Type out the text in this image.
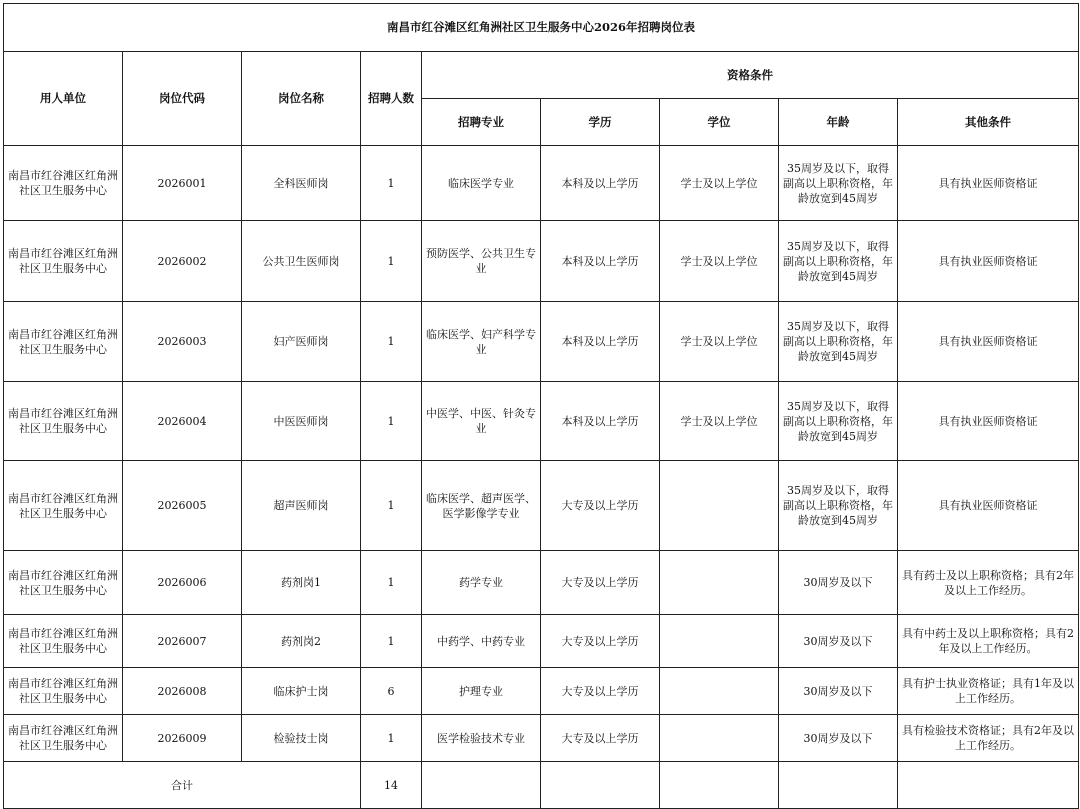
南昌市红谷滩区红角洲社区卫生服务中心2026年招聘岗位表								
用人单位	岗位代码	岗位名称	招聘人数	资格条件				
				招聘专业	学历	学位	年龄	其他条件
南昌市红谷滩区红角洲社区卫生服务中心	2026001	全科医师岗	1	临床医学专业	本科及以上学历	学士及以上学位	35周岁及以下，取得副高以上职称资格，年龄放宽到45周岁	具有执业医师资格证
南昌市红谷滩区红角洲社区卫生服务中心	2026002	公共卫生医师岗	1	预防医学、公共卫生专业	本科及以上学历	学士及以上学位	35周岁及以下，取得副高以上职称资格，年龄放宽到45周岁	具有执业医师资格证
南昌市红谷滩区红角洲社区卫生服务中心	2026003	妇产医师岗	1	临床医学、妇产科学专业	本科及以上学历	学士及以上学位	35周岁及以下，取得副高以上职称资格，年龄放宽到45周岁	具有执业医师资格证
南昌市红谷滩区红角洲社区卫生服务中心	2026004	中医医师岗	1	中医学、中医、针灸专业	本科及以上学历	学士及以上学位	35周岁及以下，取得副高以上职称资格，年龄放宽到45周岁	具有执业医师资格证
南昌市红谷滩区红角洲社区卫生服务中心	2026005	超声医师岗	1	临床医学、超声医学、 医学影像学专业	大专及以上学历		35周岁及以下，取得副高以上职称资格，年龄放宽到45周岁	具有执业医师资格证
南昌市红谷滩区红角洲社区卫生服务中心	2026006	药剂岗1	1	药学专业	大专及以上学历		30周岁及以下	具有药士及以上职称资格；具有2年及以上工作经历。
南昌市红谷滩区红角洲社区卫生服务中心	2026007	药剂岗2	1	中药学、中药专业	大专及以上学历		30周岁及以下	具有中药士及以上职称资格；具有2年及以上工作经历。
南昌市红谷滩区红角洲社区卫生服务中心	2026008	临床护士岗	6	护理专业	大专及以上学历		30周岁及以下	具有护士执业资格证；具有1年及以上工作经历。
南昌市红谷滩区红角洲社区卫生服务中心	2026009	检验技士岗	1	医学检验技术专业	大专及以上学历		30周岁及以下	具有检验技术资格证；具有2年及以上工作经历。
合计			14					
